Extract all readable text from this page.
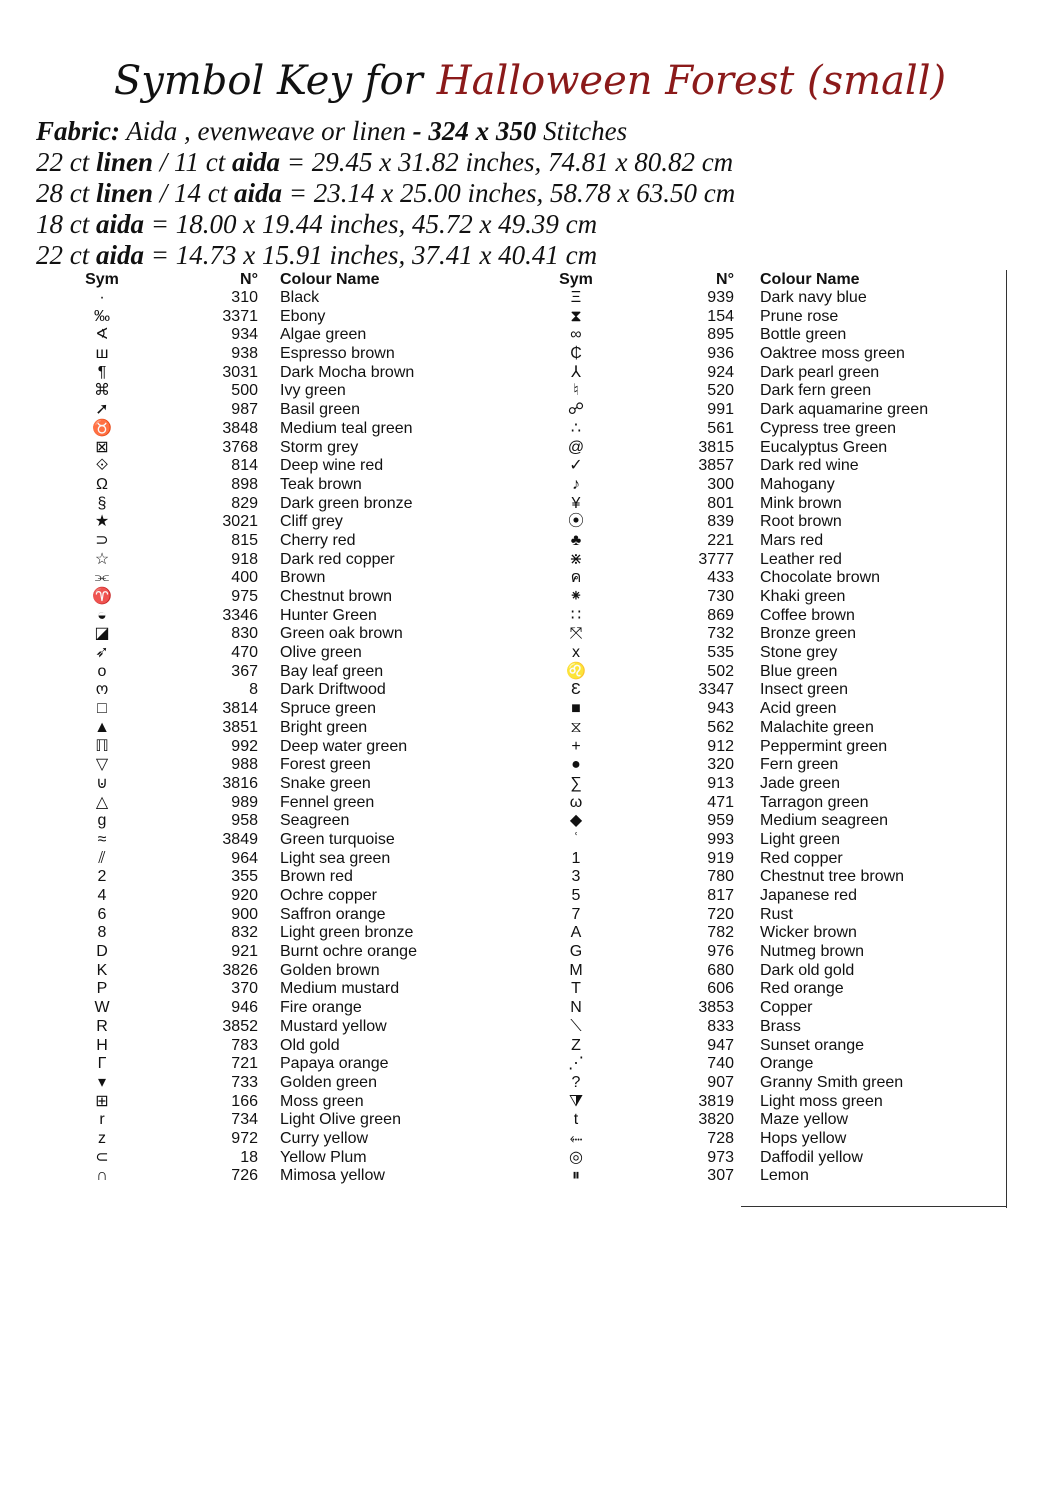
Symbol Key for Halloween Forest (small)
Fabric: Aida , evenweave or linen - 324 x 350 Stitches
22 ct linen / 11 ct aida = 29.45 x 31.82 inches, 74.81 x 80.82 cm
28 ct linen / 14 ct aida = 23.14 x 25.00 inches, 58.78 x 63.50 cm
18 ct aida = 18.00 x 19.44 inches, 45.72 x 49.39 cm
22 ct aida = 14.73 x 15.91 inches, 37.41 x 40.41 cm
Sym	N° Colour Name
·	310 Black
‰	3371 Ebony
∢	934 Algae green
ш	938 Espresso brown
¶	3031 Dark Mocha brown
⌘	500 Ivy green
➚	987 Basil green
♉	3848 Medium teal green
⊠	3768 Storm grey
⟐	814 Deep wine red
Ω	898 Teak brown
§	829 Dark green bronze
★	3021 Cliff grey
⊃	815 Cherry red
☆	918 Dark red copper
⫘	400 Brown
♈	975 Chestnut brown
◒	3346 Hunter Green
◪	830 Green oak brown
➶	470 Olive green
o	367 Bay leaf green
ო	8 Dark Driftwood
□	3814 Spruce green
▲	3851 Bright green
ℿ	992 Deep water green
▽	988 Forest green
⊍	3816 Snake green
△	989 Fennel green
g	958 Seagreen
≈	3849 Green turquoise
⫽	964 Light sea green
2	355 Brown red
4	920 Ochre copper
6	900 Saffron orange
8	832 Light green bronze
D	921 Burnt ochre orange
K	3826 Golden brown
P	370 Medium mustard
W	946 Fire orange
R	3852 Mustard yellow
H	783 Old gold
Γ	721 Papaya orange
▾	733 Golden green
⊞	166 Moss green
r	734 Light Olive green
z	972 Curry yellow
⊂	18 Yellow Plum
∩	726 Mimosa yellow
Sym	N° Colour Name
Ξ	939 Dark navy blue
⧗	154 Prune rose
∞	895 Bottle green
₵	936 Oaktree moss green
⅄	924 Dark pearl green
♮	520 Dark fern green
☍	991 Dark aquamarine green
∴	561 Cypress tree green
@	3815 Eucalyptus Green
✓	3857 Dark red wine
♪	300 Mahogany
¥	801 Mink brown
⦿	839 Root brown
♣	221 Mars red
⋇	3777 Leather red
ค	433 Chocolate brown
⁕	730 Khaki green
∷	869 Coffee brown
⤧	732 Bronze green
x	535 Stone grey
♌	502 Blue green
Ɛ	3347 Insect green
■	943 Acid green
⧖	562 Malachite green
+	912 Peppermint green
●	320 Fern green
∑	913 Jade green
ω	471 Tarragon green
◆	959 Medium seagreen
ʿ	993 Light green
1	919 Red copper
3	780 Chestnut tree brown
5	817 Japanese red
7	720 Rust
A	782 Wicker brown
G	976 Nutmeg brown
M	680 Dark old gold
T	606 Red orange
N	3853 Copper
⟍	833 Brass
Z	947 Sunset orange
⋰	740 Orange
?	907 Granny Smith green
⧩	3819 Light moss green
t	3820 Maze yellow
⬸	728 Hops yellow
◎	973 Daffodil yellow
⏸	307 Lemon
